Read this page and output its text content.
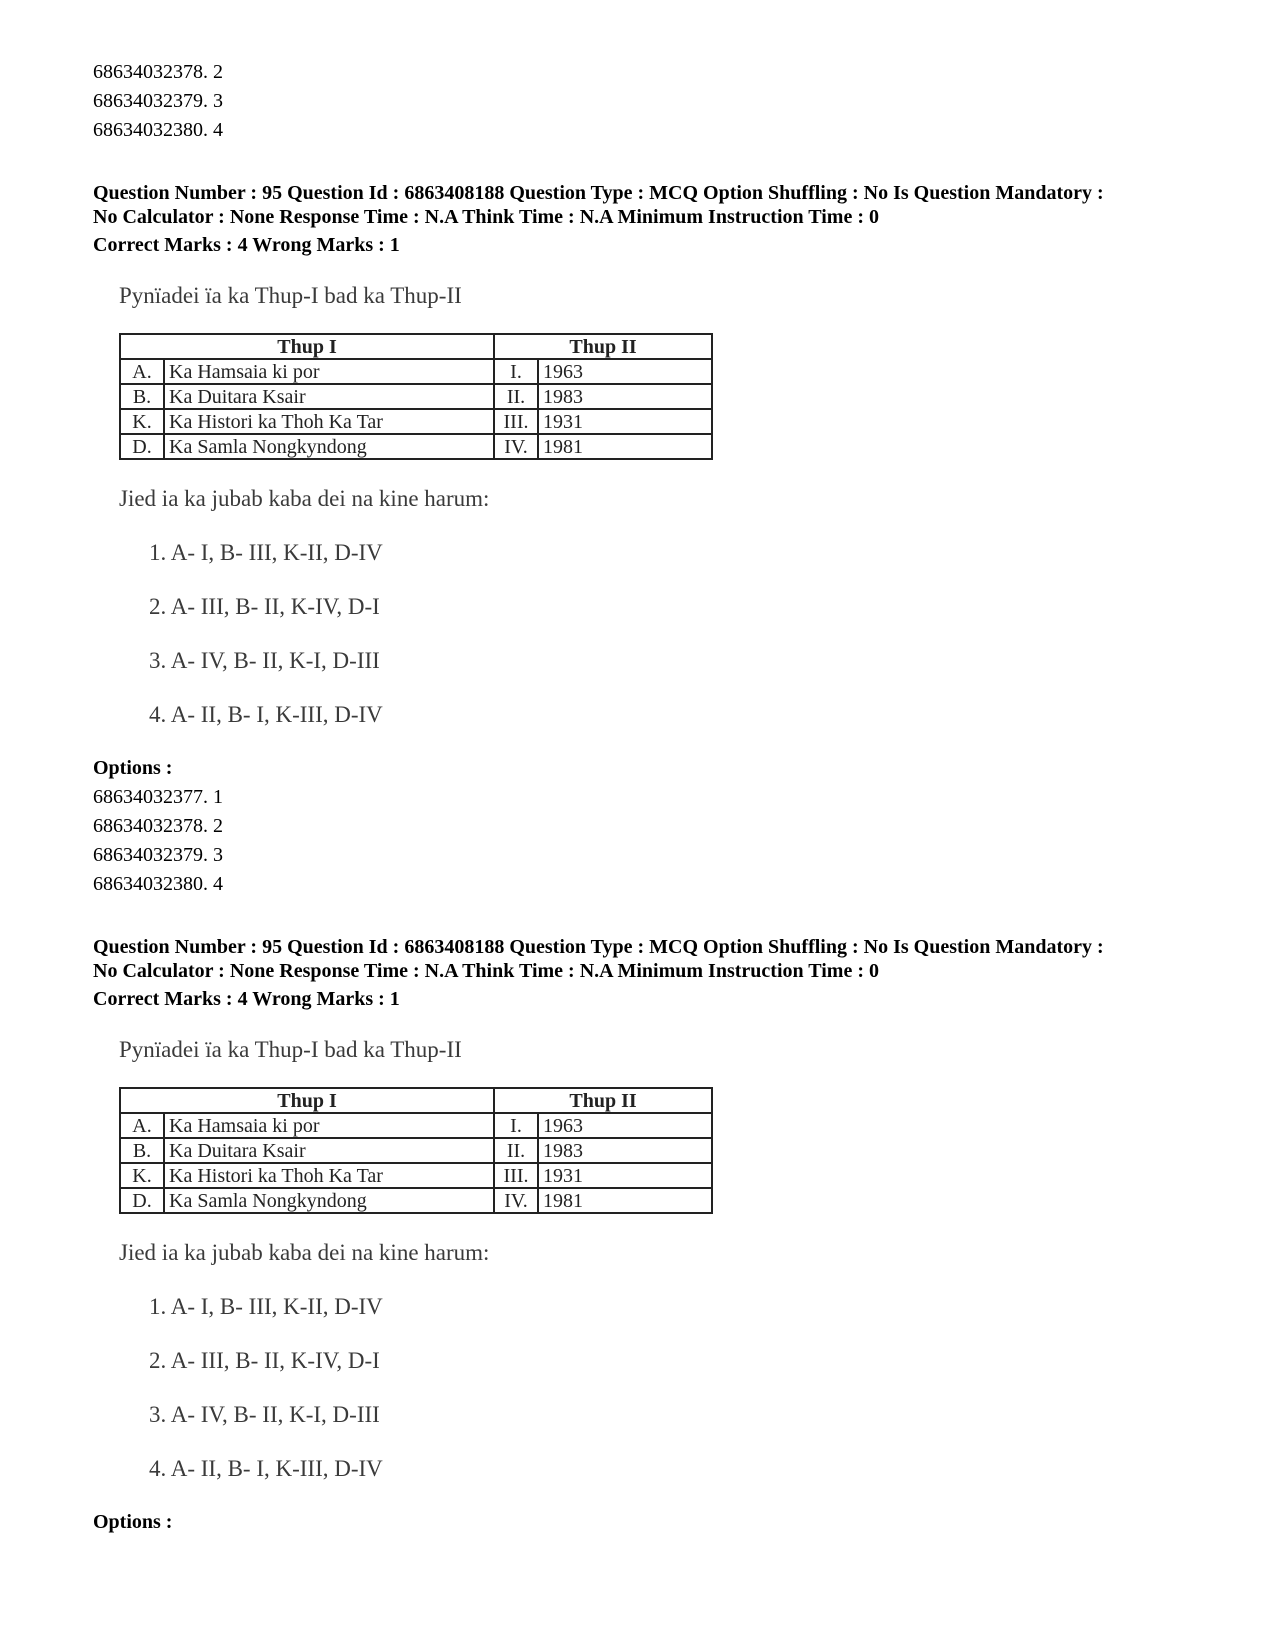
68634032378. 2
68634032379. 3
68634032380. 4
Question Number : 95 Question Id : 6863408188 Question Type : MCQ Option Shuffling : No Is Question Mandatory :
No Calculator : None Response Time : N.A Think Time : N.A Minimum Instruction Time : 0
Correct Marks : 4 Wrong Marks : 1
Pynïadei ïa ka Thup-I bad ka Thup-II
Thup I		Thup II	
A.	Ka Hamsaia ki por	I.	1963
B.	Ka Duitara Ksair	II.	1983
K.	Ka Histori ka Thoh Ka Tar	III.	1931
D.	Ka Samla Nongkyndong	IV.	1981
Jied ia ka jubab kaba dei na kine harum:
1. A- I, B- III, K-II, D-IV
2. A- III, B- II, K-IV, D-I
3. A- IV, B- II, K-I, D-III
4. A- II, B- I, K-III, D-IV
Options :
68634032377. 1
68634032378. 2
68634032379. 3
68634032380. 4
Question Number : 95 Question Id : 6863408188 Question Type : MCQ Option Shuffling : No Is Question Mandatory :
No Calculator : None Response Time : N.A Think Time : N.A Minimum Instruction Time : 0
Correct Marks : 4 Wrong Marks : 1
Pynïadei ïa ka Thup-I bad ka Thup-II
Thup I		Thup II	
A.	Ka Hamsaia ki por	I.	1963
B.	Ka Duitara Ksair	II.	1983
K.	Ka Histori ka Thoh Ka Tar	III.	1931
D.	Ka Samla Nongkyndong	IV.	1981
Jied ia ka jubab kaba dei na kine harum:
1. A- I, B- III, K-II, D-IV
2. A- III, B- II, K-IV, D-I
3. A- IV, B- II, K-I, D-III
4. A- II, B- I, K-III, D-IV
Options :
